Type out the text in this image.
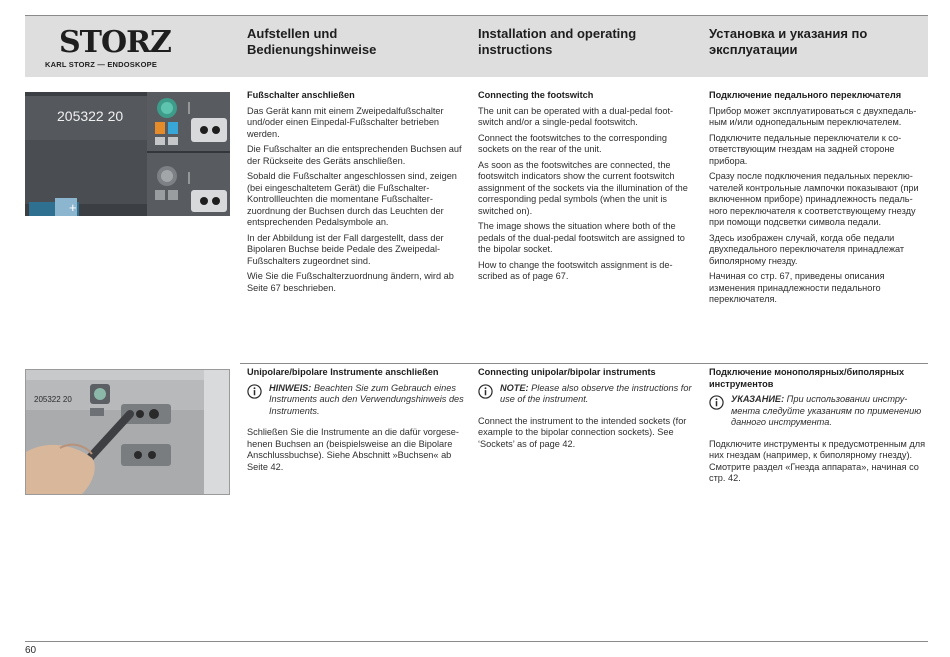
STORZ
KARL STORZ — ENDOSKOPE
Aufstellen und Bedienungshinweise
Installation and operating instructions
Установка и указания по эксплуатации
+
205322 20
205322 20
Fußschalter anschließen

Das Gerät kann mit einem Zweipedalfußschalter und/oder einen Einpedal-Fußschalter betrieben werden.

Die Fußschalter an die entsprechenden Buchsen auf der Rückseite des Geräts anschließen.

Sobald die Fußschalter angeschlossen sind, zeigen (bei eingeschaltetem Gerät) die Fußschalter-Kontrollleuchten die momentane Fußschalter-zuordnung der Buchsen durch das Leuchten der entsprechenden Pedalsymbole an.

In der Abbildung ist der Fall dargestellt, dass der Bipolaren Buchse beide Pedale des Zweipedal-Fußschalters zugeordnet sind.

Wie Sie die Fußschalterzuordnung ändern, wird ab Seite 67 beschrieben.

Connecting the footswitch

The unit can be operated with a dual-pedal foot-switch and/or a single-pedal footswitch.

Connect the footswitches to the corresponding sockets on the rear of the unit.

As soon as the footswitches are connected, the footswitch indicators show the current footswitch assignment of the sockets via the illumination of the corresponding pedal symbols (when the unit is switched on).

The image shows the situation where both of the pedals of the dual-pedal footswitch are assigned to the bipolar socket.

How to change the footswitch assignment is de-scribed as of page 67.

Подключение педального переключателя

Прибор может эксплуатироваться с двухпедаль-ным и/или однопедальным переключателем.

Подключите педальные переключатели к со-ответствующим гнездам на задней стороне прибора.

Сразу после подключения педальных переклю-чателей контрольные лампочки показывают (при включенном приборе) принадлежность педаль-ного переключателя к соответствующему гнезду при помощи подсветки символа педали.

Здесь изображен случай, когда обе педали двухпедального переключателя принадлежат биполярному гнезду.

Начиная со стр. 67, приведены описания изменения принадлежности педального переключателя.

Unipolare/bipolare Instrumente anschließen
HINWEIS: Beachten Sie zum Gebrauch eines Instruments auch den Verwendungshinweis des Instruments.

Schließen Sie die Instrumente an die dafür vorgese-henen Buchsen an (beispielsweise an die Bipolare Anschlussbuchse). Siehe Abschnitt »Buchsen« ab Seite 42.

Connecting unipolar/bipolar instruments
NOTE: Please also observe the instructions for use of the instrument.

Connect the instrument to the intended sockets (for example to the bipolar connection sockets). See ‘Sockets’ as of page 42.

Подключение монополярных/биполярных инструментов
УКАЗАНИЕ: При использовании инстру-мента следуйте указаниям по применению данного инструмента.

Подключите инструменты к предусмотренным для них гнездам (например, к биполярному гнезду). Смотрите раздел «Гнезда аппарата», начиная со стр. 42.

60
